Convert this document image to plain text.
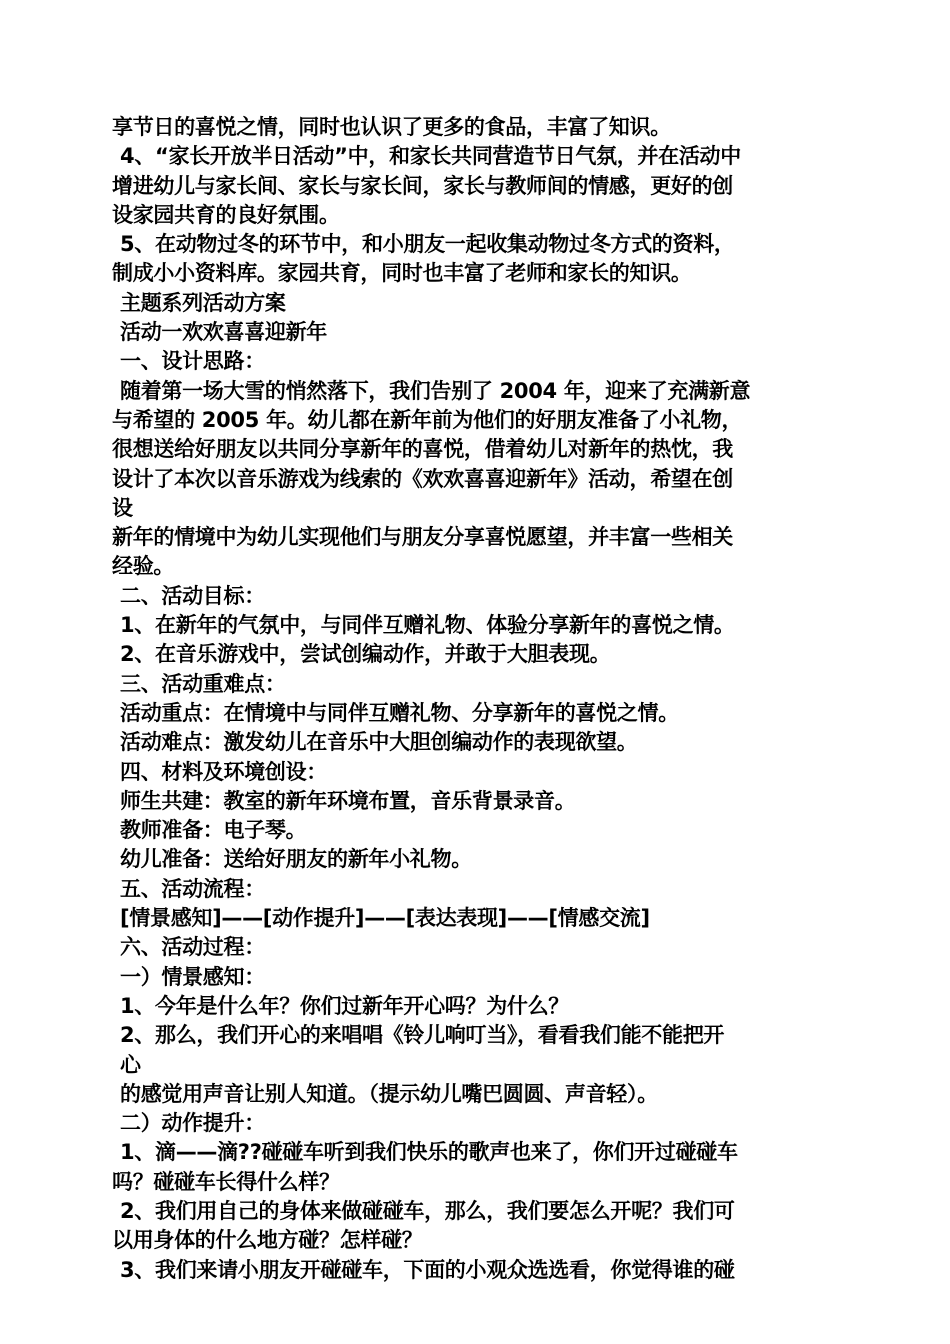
享节日的喜悦之情，同时也认识了更多的食品，丰富了知识。
4、“家长开放半日活动”中，和家长共同营造节日气氛，并在活动中
增进幼儿与家长间、家长与家长间，家长与教师间的情感，更好的创
设家园共育的良好氛围。
5、在动物过冬的环节中，和小朋友一起收集动物过冬方式的资料，
制成小小资料库。家园共育，同时也丰富了老师和家长的知识。
主题系列活动方案
活动一欢欢喜喜迎新年
一、设计思路：
随着第一场大雪的悄然落下，我们告别了 2004 年，迎来了充满新意
与希望的 2005 年。幼儿都在新年前为他们的好朋友准备了小礼物，
很想送给好朋友以共同分享新年的喜悦，借着幼儿对新年的热忱，我
设计了本次以音乐游戏为线索的《欢欢喜喜迎新年》活动，希望在创
设
新年的情境中为幼儿实现他们与朋友分享喜悦愿望，并丰富一些相关
经验。
二、活动目标：
1、在新年的气氛中，与同伴互赠礼物、体验分享新年的喜悦之情。
2、在音乐游戏中，尝试创编动作，并敢于大胆表现。
三、活动重难点：
活动重点：在情境中与同伴互赠礼物、分享新年的喜悦之情。
活动难点：激发幼儿在音乐中大胆创编动作的表现欲望。
四、材料及环境创设：
师生共建：教室的新年环境布置，音乐背景录音。
教师准备：电子琴。
幼儿准备：送给好朋友的新年小礼物。
五、活动流程：
[情景感知]——[动作提升]——[表达表现]——[情感交流]
六、活动过程：
一）情景感知：
1、今年是什么年？你们过新年开心吗？为什么？
2、那么，我们开心的来唱唱《铃儿响叮当》，看看我们能不能把开
心
的感觉用声音让别人知道。（提示幼儿嘴巴圆圆、声音轻）。
二）动作提升：
1、滴——滴??碰碰车听到我们快乐的歌声也来了，你们开过碰碰车
吗？碰碰车长得什么样？
2、我们用自己的身体来做碰碰车，那么，我们要怎么开呢？我们可
以用身体的什么地方碰？怎样碰？
3、我们来请小朋友开碰碰车，下面的小观众选选看，你觉得谁的碰
